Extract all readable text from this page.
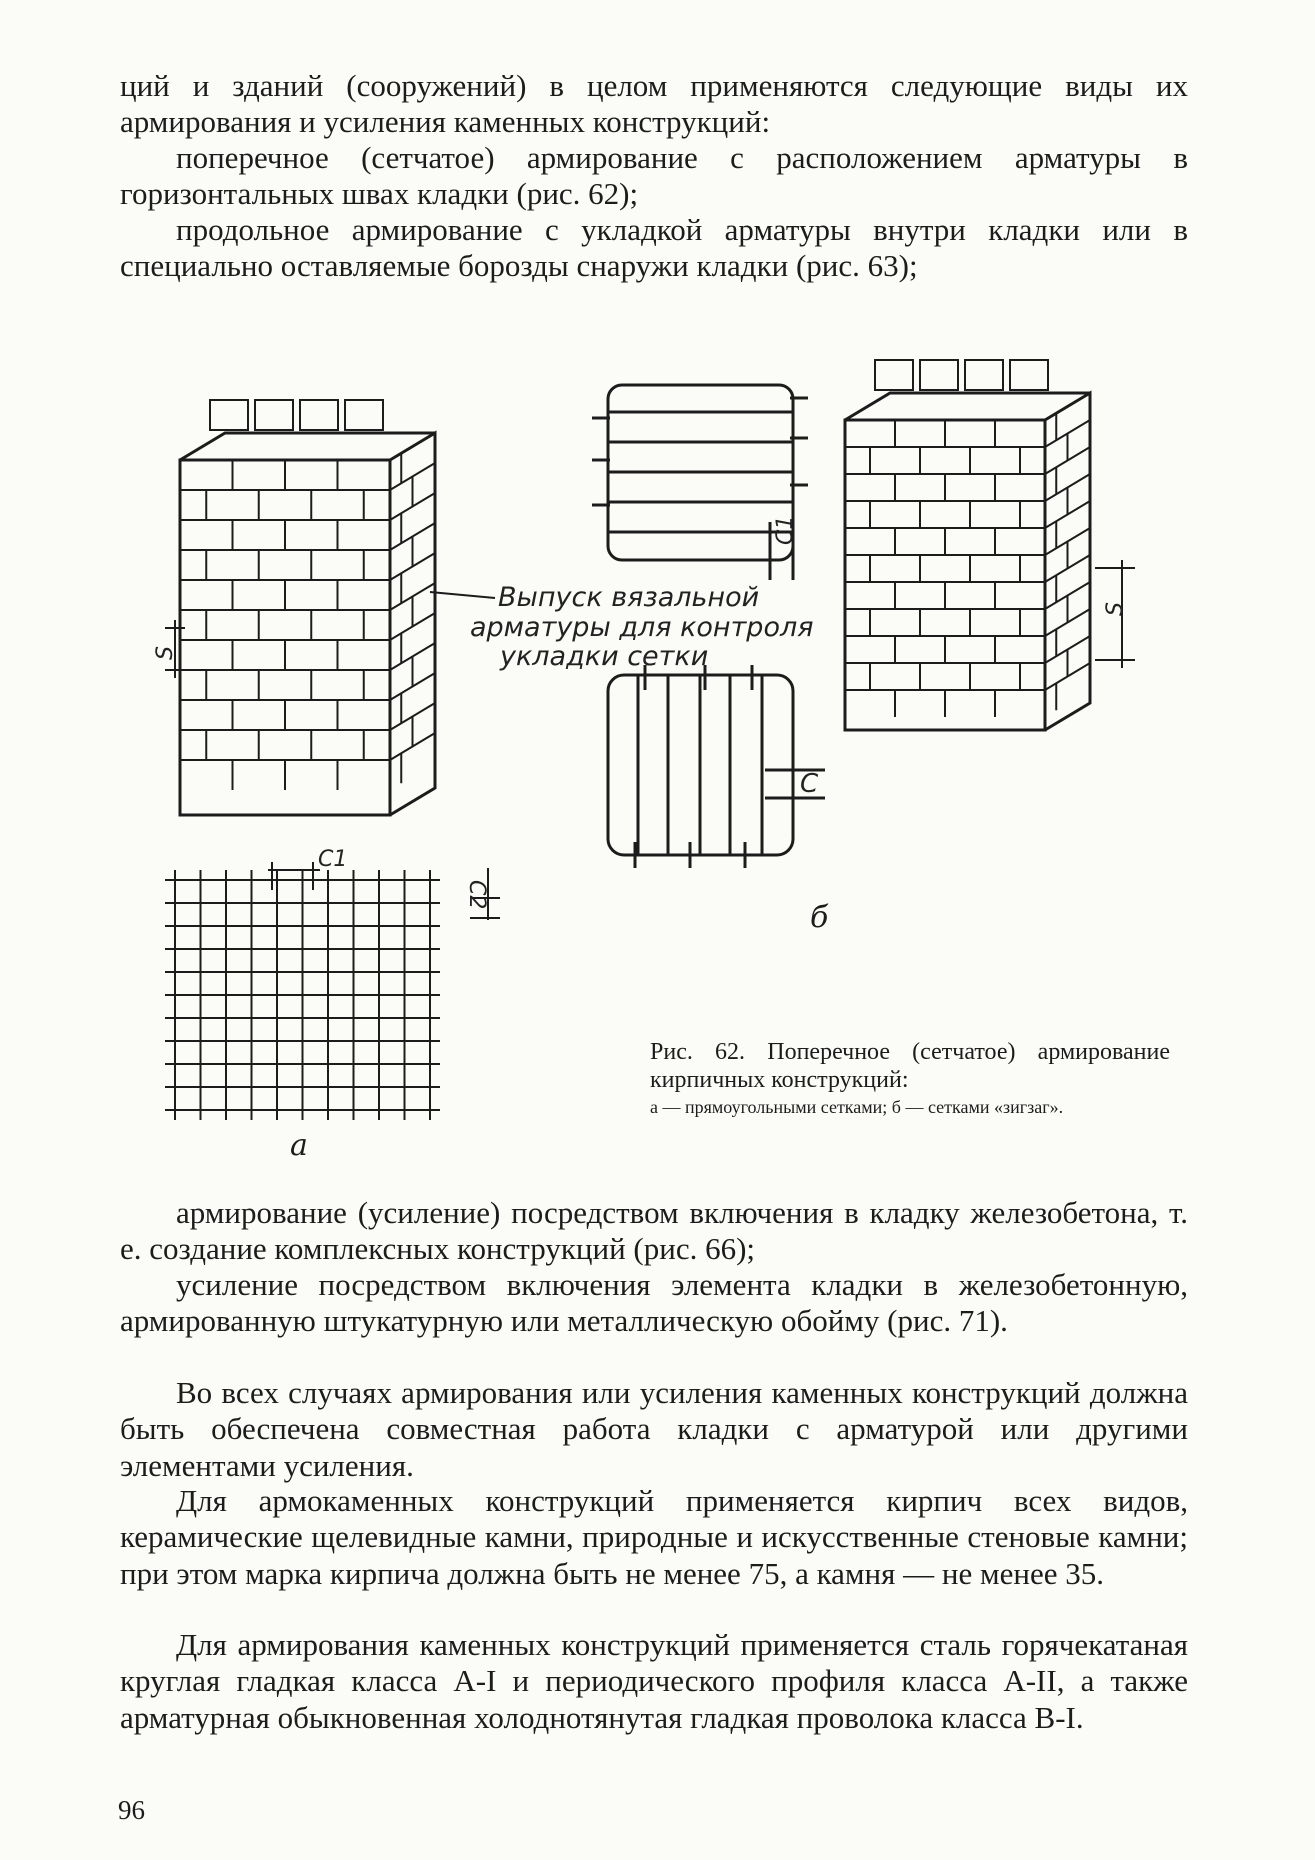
ций и зданий (сооружений) в целом применяются следующие виды их армирования и усиления каменных конструкций:

поперечное (сетчатое) армирование с расположением арматуры в горизонтальных швах кладки (рис. 62);

продольное армирование с укладкой арматуры внутри кладки или в специально оставляемые борозды снаружи кладки (рис. 63);

Выпуск вязальной
арматуры для контроля
укладки сетки
S
S
C1
C2
C1
C
а
б
Рис. 62. Поперечное (сетчатое) армирование кирпичных конструкций:
а — прямоугольными сетками; б — сетками «зигзаг».

армирование (усиление) посредством включения в кладку железобетона, т. е. создание комплексных конструкций (рис. 66);

усиление посредством включения элемента кладки в железобетонную, армированную штукатурную или металлическую обойму (рис. 71).

Во всех случаях армирования или усиления каменных конструкций должна быть обеспечена совместная работа кладки с арматурой или другими элементами усиления.

Для армокаменных конструкций применяется кирпич всех видов, керамические щелевидные камни, природные и искусственные стеновые камни; при этом марка кирпича должна быть не менее 75, а камня — не менее 35.

Для армирования каменных конструкций применяется сталь горячекатаная круглая гладкая класса А-I и периодического профиля класса А-II, а также арматурная обыкновенная холоднотянутая гладкая проволока класса В-I.

96
